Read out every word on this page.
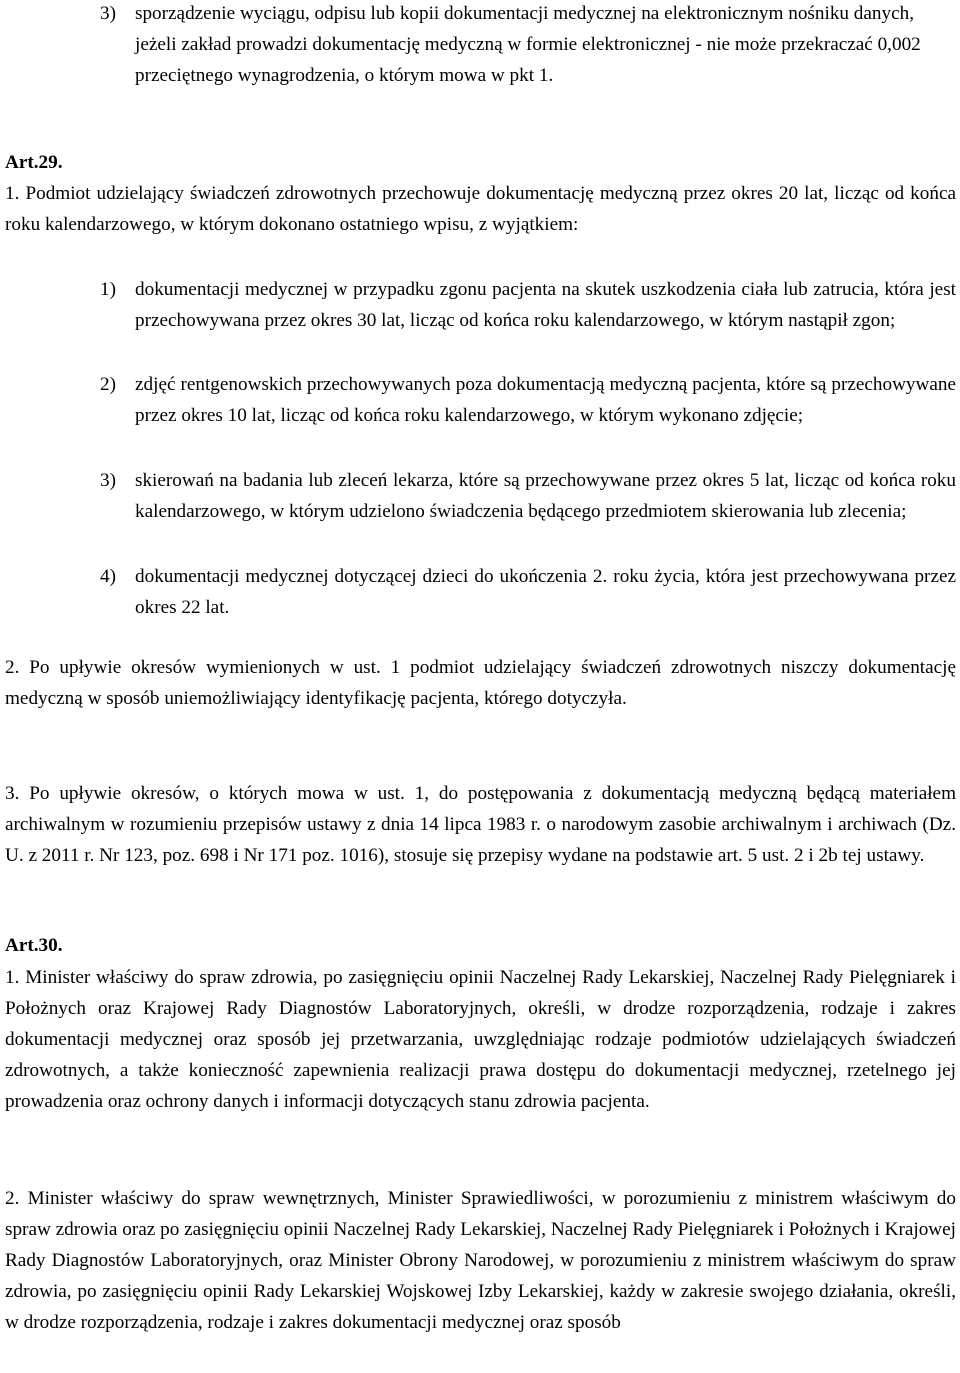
3) sporządzenie wyciągu, odpisu lub kopii dokumentacji medycznej na elektronicznym nośniku danych, jeżeli zakład prowadzi dokumentację medyczną w formie elektronicznej - nie może przekraczać 0,002 przeciętnego wynagrodzenia, o którym mowa w pkt 1.
Art.29.
1. Podmiot udzielający świadczeń zdrowotnych przechowuje dokumentację medyczną przez okres 20 lat, licząc od końca roku kalendarzowego, w którym dokonano ostatniego wpisu, z wyjątkiem:
1) dokumentacji medycznej w przypadku zgonu pacjenta na skutek uszkodzenia ciała lub zatrucia, która jest przechowywana przez okres 30 lat, licząc od końca roku kalendarzowego, w którym nastąpił zgon;
2) zdjęć rentgenowskich przechowywanych poza dokumentacją medyczną pacjenta, które są przechowywane przez okres 10 lat, licząc od końca roku kalendarzowego, w którym wykonano zdjęcie;
3) skierowań na badania lub zleceń lekarza, które są przechowywane przez okres 5 lat, licząc od końca roku kalendarzowego, w którym udzielono świadczenia będącego przedmiotem skierowania lub zlecenia;
4) dokumentacji medycznej dotyczącej dzieci do ukończenia 2. roku życia, która jest przechowywana przez okres 22 lat.
2. Po upływie okresów wymienionych w ust. 1 podmiot udzielający świadczeń zdrowotnych niszczy dokumentację medyczną w sposób uniemożliwiający identyfikację pacjenta, którego dotyczyła.
3. Po upływie okresów, o których mowa w ust. 1, do postępowania z dokumentacją medyczną będącą materiałem archiwalnym w rozumieniu przepisów ustawy z dnia 14 lipca 1983 r. o narodowym zasobie archiwalnym i archiwach (Dz. U. z 2011 r. Nr 123, poz. 698 i Nr 171 poz. 1016), stosuje się przepisy wydane na podstawie art. 5 ust. 2 i 2b tej ustawy.
Art.30.
1. Minister właściwy do spraw zdrowia, po zasięgnięciu opinii Naczelnej Rady Lekarskiej, Naczelnej Rady Pielęgniarek i Położnych oraz Krajowej Rady Diagnostów Laboratoryjnych, określi, w drodze rozporządzenia, rodzaje i zakres dokumentacji medycznej oraz sposób jej przetwarzania, uwzględniając rodzaje podmiotów udzielających świadczeń zdrowotnych, a także konieczność zapewnienia realizacji prawa dostępu do dokumentacji medycznej, rzetelnego jej prowadzenia oraz ochrony danych i informacji dotyczących stanu zdrowia pacjenta.
2. Minister właściwy do spraw wewnętrznych, Minister Sprawiedliwości, w porozumieniu z ministrem właściwym do spraw zdrowia oraz po zasięgnięciu opinii Naczelnej Rady Lekarskiej, Naczelnej Rady Pielęgniarek i Położnych i Krajowej Rady Diagnostów Laboratoryjnych, oraz Minister Obrony Narodowej, w porozumieniu z ministrem właściwym do spraw zdrowia, po zasięgnięciu opinii Rady Lekarskiej Wojskowej Izby Lekarskiej, każdy w zakresie swojego działania, określi, w drodze rozporządzenia, rodzaje i zakres dokumentacji medycznej oraz sposób
